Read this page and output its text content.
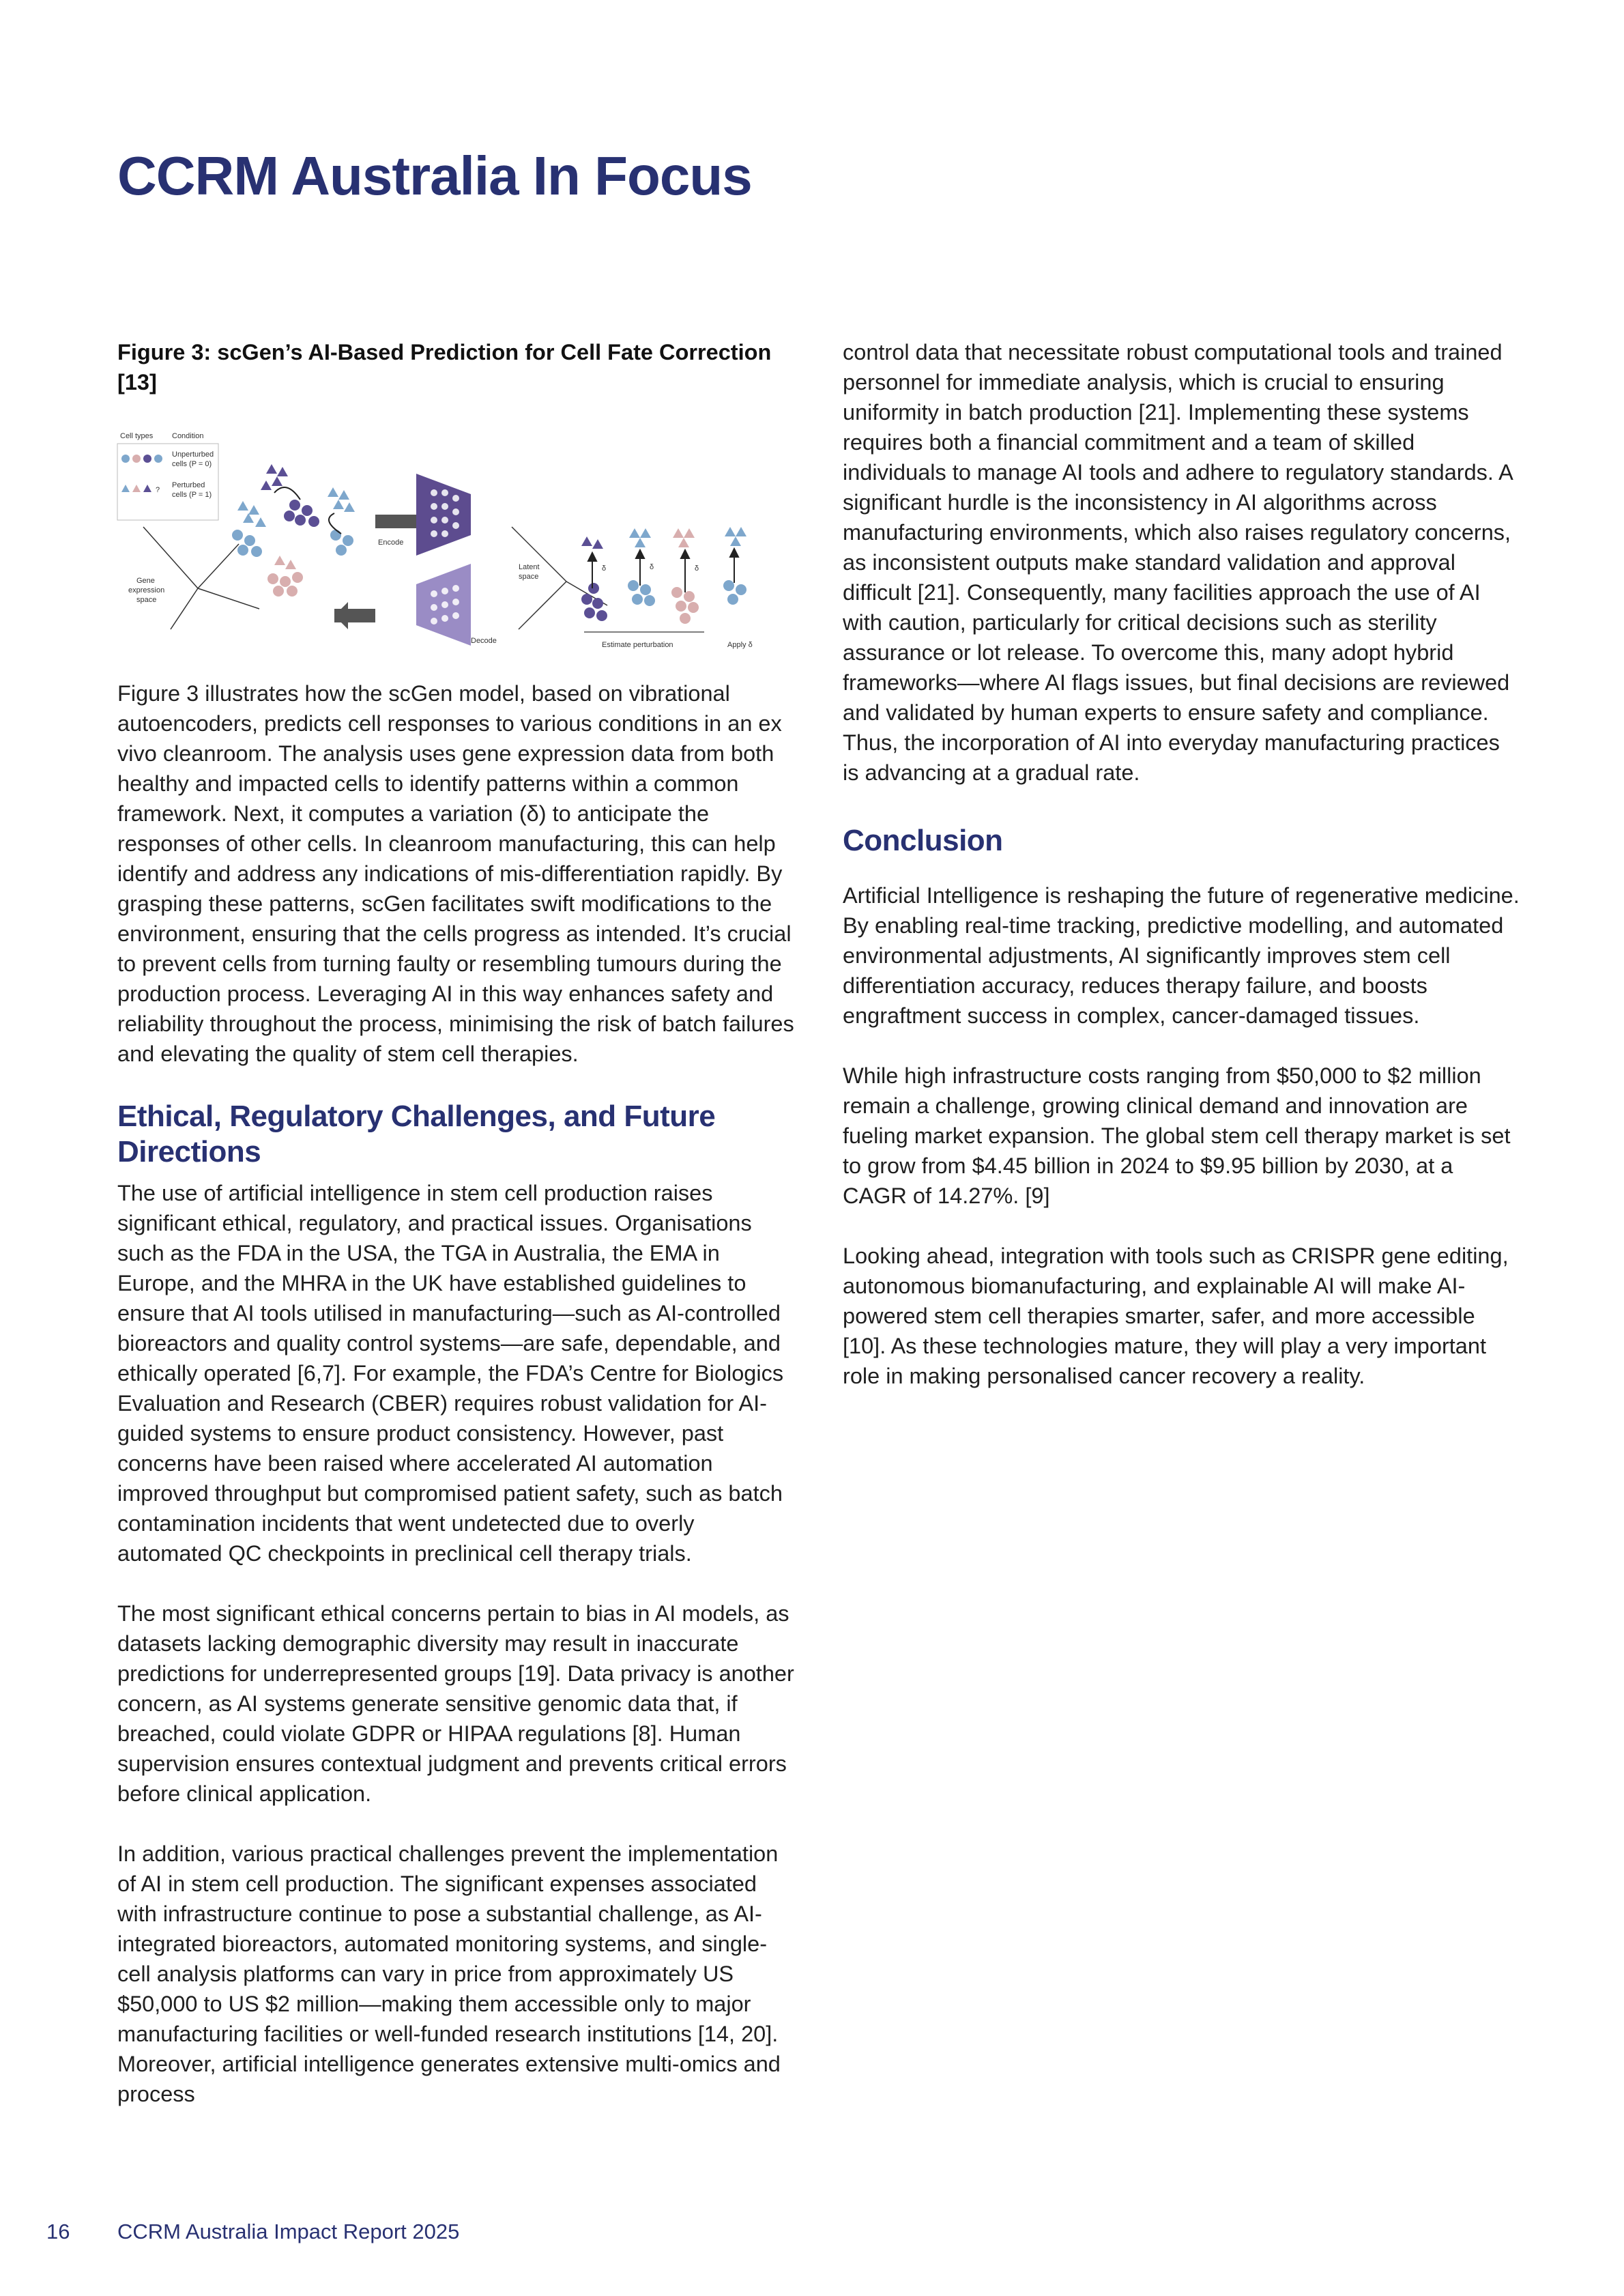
CCRM Australia In Focus

Figure 3: scGen’s AI-Based Prediction for Cell Fate Correction [13]

Cell types	Condition
Unperturbed
cells (P = 0)
?
Perturbed
cells (P = 1)
Gene
expression
space
Encode
Decode
Latent
space
δ	δ	δ
Estimate perturbation	Apply δ

Figure 3 illustrates how the scGen model, based on vibrational autoencoders, predicts cell responses to various conditions in an ex vivo cleanroom. The analysis uses gene expression data from both healthy and impacted cells to identify patterns within a common framework. Next, it computes a variation (δ) to anticipate the responses of other cells. In cleanroom manufacturing, this can help identify and address any indications of mis-differentiation rapidly. By grasping these patterns, scGen facilitates swift modifications to the environment, ensuring that the cells progress as intended. It’s crucial to prevent cells from turning faulty or resembling tumours during the production process. Leveraging AI in this way enhances safety and reliability throughout the process, minimising the risk of batch failures and elevating the quality of stem cell therapies.

Ethical, Regulatory Challenges, and Future Directions

The use of artificial intelligence in stem cell production raises significant ethical, regulatory, and practical issues. Organisations such as the FDA in the USA, the TGA in Australia, the EMA in Europe, and the MHRA in the UK have established guidelines to ensure that AI tools utilised in manufacturing—such as AI-controlled bioreactors and quality control systems—are safe, dependable, and ethically operated [6,7]. For example, the FDA’s Centre for Biologics Evaluation and Research (CBER) requires robust validation for AI-guided systems to ensure product consistency. However, past concerns have been raised where accelerated AI automation improved throughput but compromised patient safety, such as batch contamination incidents that went undetected due to overly automated QC checkpoints in preclinical cell therapy trials.

The most significant ethical concerns pertain to bias in AI models, as datasets lacking demographic diversity may result in inaccurate predictions for underrepresented groups [19]. Data privacy is another concern, as AI systems generate sensitive genomic data that, if breached, could violate GDPR or HIPAA regulations [8]. Human supervision ensures contextual judgment and prevents critical errors before clinical application.

In addition, various practical challenges prevent the implementation of AI in stem cell production. The significant expenses associated with infrastructure continue to pose a substantial challenge, as AI-integrated bioreactors, automated monitoring systems, and single-cell analysis platforms can vary in price from approximately US $50,000 to US $2 million—making them accessible only to major manufacturing facilities or well-funded research institutions [14, 20]. Moreover, artificial intelligence generates extensive multi-omics and process

control data that necessitate robust computational tools and trained personnel for immediate analysis, which is crucial to ensuring uniformity in batch production [21]. Implementing these systems requires both a financial commitment and a team of skilled individuals to manage AI tools and adhere to regulatory standards. A significant hurdle is the inconsistency in AI algorithms across manufacturing environments, which also raises regulatory concerns, as inconsistent outputs make standard validation and approval difficult [21]. Consequently, many facilities approach the use of AI with caution, particularly for critical decisions such as sterility assurance or lot release. To overcome this, many adopt hybrid frameworks—where AI flags issues, but final decisions are reviewed and validated by human experts to ensure safety and compliance. Thus, the incorporation of AI into everyday manufacturing practices is advancing at a gradual rate.

Conclusion

Artificial Intelligence is reshaping the future of regenerative medicine. By enabling real-time tracking, predictive modelling, and automated environmental adjustments, AI significantly improves stem cell differentiation accuracy, reduces therapy failure, and boosts engraftment success in complex, cancer-damaged tissues.

While high infrastructure costs ranging from $50,000 to $2 million remain a challenge, growing clinical demand and innovation are fueling market expansion. The global stem cell therapy market is set to grow from $4.45 billion in 2024 to $9.95 billion by 2030, at a CAGR of 14.27%. [9]

Looking ahead, integration with tools such as CRISPR gene editing, autonomous biomanufacturing, and explainable AI will make AI-powered stem cell therapies smarter, safer, and more accessible [10]. As these technologies mature, they will play a very important role in making personalised cancer recovery a reality.

16 CCRM Australia Impact Report 2025
